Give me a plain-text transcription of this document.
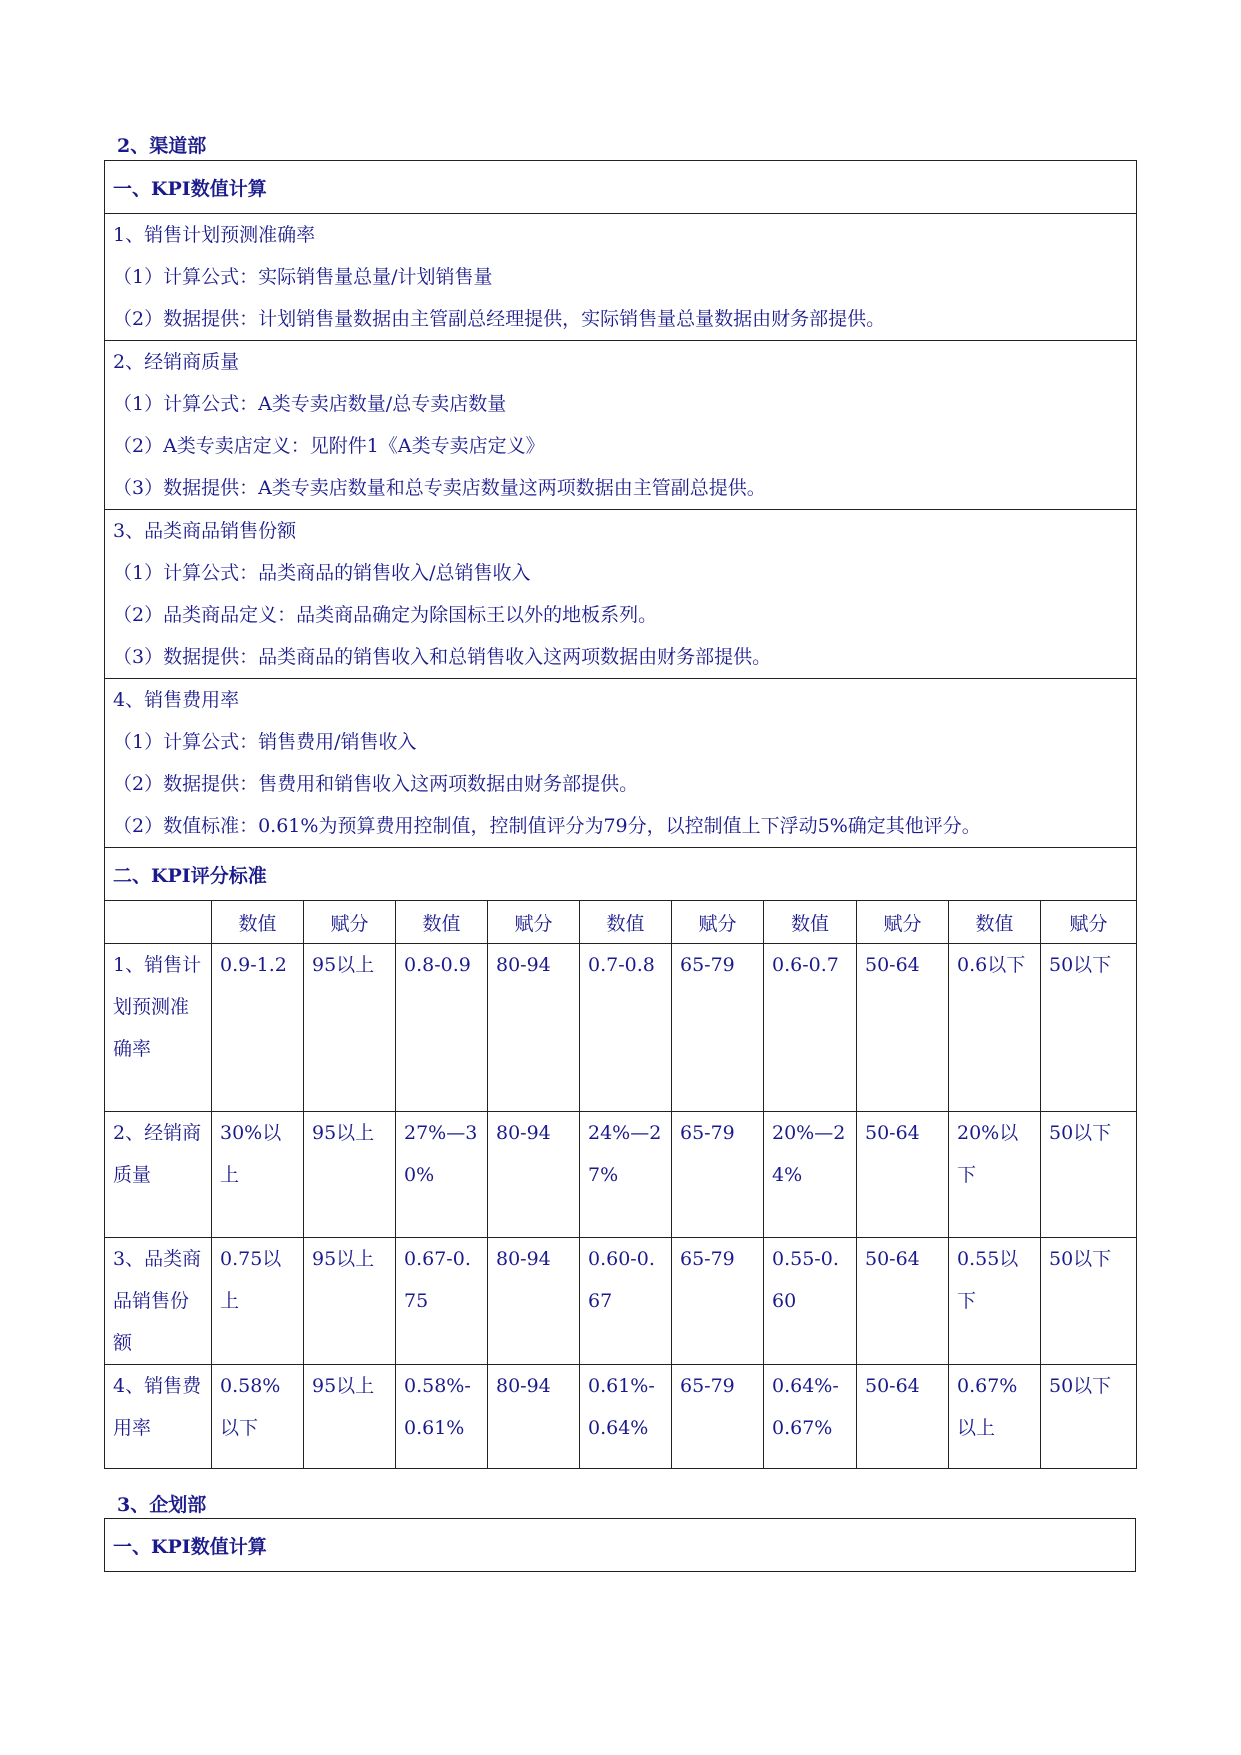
2、渠道部
一、KPI数值计算										

1、销售计划预测准确率
（1）计算公式：实际销售量总量/计划销售量
（2）数据提供：计划销售量数据由主管副总经理提供，实际销售量总量数据由财务部提供。										

2、经销商质量
（1）计算公式：A类专卖店数量/总专卖店数量
（2）A类专卖店定义：见附件1《A类专卖店定义》
（3）数据提供：A类专卖店数量和总专卖店数量这两项数据由主管副总提供。										

3、品类商品销售份额
（1）计算公式：品类商品的销售收入/总销售收入
（2）品类商品定义：品类商品确定为除国标王以外的地板系列。
（3）数据提供：品类商品的销售收入和总销售收入这两项数据由财务部提供。										

4、销售费用率
（1）计算公式：销售费用/销售收入
（2）数据提供：售费用和销售收入这两项数据由财务部提供。
（2）数值标准：0.61%为预算费用控制值，控制值评分为79分，以控制值上下浮动5%确定其他评分。										

二、KPI评分标准										
	数值	赋分	数值	赋分	数值	赋分	数值	赋分	数值	赋分
1、销售计划预测准确率	0.9-1.2	95以上	0.8-0.9	80-94	0.7-0.8	65-79	0.6-0.7	50-64	0.6以下	50以下
2、经销商质量	30%以上	95以上	27%—30%	80-94	24%—27%	65-79	20%—24%	50-64	20%以下	50以下
3、品类商品销售份额	0.75以上	95以上	0.67-0.75	80-94	0.60-0.67	65-79	0.55-0.60	50-64	0.55以下	50以下
4、销售费用率	0.58%以下	95以上	0.58%-0.61%	80-94	0.61%-0.64%	65-79	0.64%-0.67%	50-64	0.67%以上	50以下
3、企划部
一、KPI数值计算
